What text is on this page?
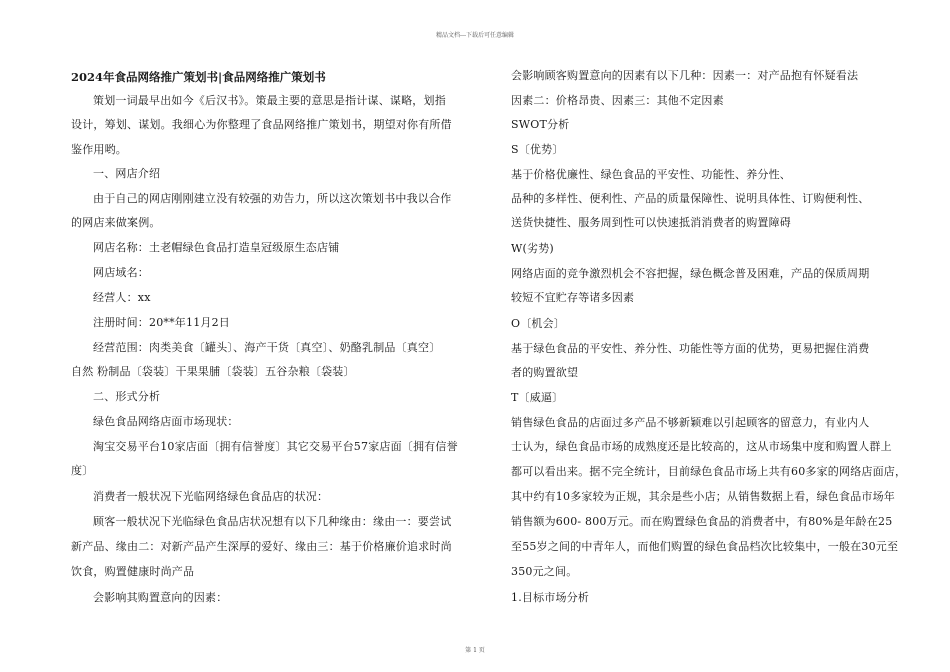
精品文档---下载后可任意编辑
2024年食品网络推广策划书|食品网络推广策划书
策划一词最早出如今《后汉书》。策最主要的意思是指计谋、谋略，划指
设计，筹划、谋划。我细心为你整理了食品网络推广策划书，期望对你有所借
鉴作用哟。
一、网店介绍
由于自己的网店刚刚建立没有较强的劝告力，所以这次策划书中我以合作
的网店来做案例。
网店名称：土老帽绿色食品打造皇冠级原生态店铺
网店域名：
经营人：xx
注册时间：20**年11月2日
经营范围：肉类美食〔罐头〕、海产干货〔真空〕、奶酪乳制品〔真空〕
自然 粉制品〔袋装〕干果果脯〔袋装〕五谷杂粮〔袋装〕
二、形式分析
绿色食品网络店面市场现状：
淘宝交易平台10家店面〔拥有信誉度〕其它交易平台57家店面〔拥有信誉
度〕
消费者一般状况下光临网络绿色食品店的状况：
顾客一般状况下光临绿色食品店状况想有以下几种缘由：缘由一：要尝试
新产品、缘由二：对新产品产生深厚的爱好、缘由三：基于价格廉价追求时尚
饮食，购置健康时尚产品
会影响其购置意向的因素：
会影响顾客购置意向的因素有以下几种：因素一：对产品抱有怀疑看法
因素二：价格昂贵、因素三：其他不定因素
SWOT分析
S〔优势〕
基于价格优廉性、绿色食品的平安性、功能性、养分性、
品种的多样性、便利性、产品的质量保障性、说明具体性、订购便利性、
送货快捷性、服务周到性可以快速抵消消费者的购置障碍
W(劣势)
网络店面的竞争激烈机会不容把握，绿色概念普及困难，产品的保质周期
较短不宜贮存等诸多因素
O〔机会〕
基于绿色食品的平安性、养分性、功能性等方面的优势，更易把握住消费
者的购置欲望
T〔威逼〕
销售绿色食品的店面过多产品不够新颖难以引起顾客的留意力，有业内人
士认为，绿色食品市场的成熟度还是比较高的，这从市场集中度和购置人群上
都可以看出来。据不完全统计，目前绿色食品市场上共有60多家的网络店面店，
其中约有10多家较为正规，其余是些小店；从销售数据上看，绿色食品市场年
销售额为600- 800万元。而在购置绿色食品的消费者中，有80%是年龄在25
至55岁之间的中青年人，而他们购置的绿色食品档次比较集中，一般在30元至
350元之间。
1.目标市场分析
第 1 页
